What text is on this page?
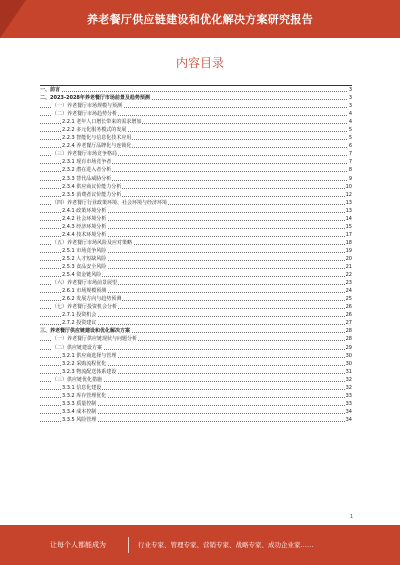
养老餐厅供应链建设和优化解决方案研究报告
内容目录
一、前言	3
二、2023-2028年养老餐厅市场前景及趋势预测	3
（一）养老餐厅市场规模与预测	3
（二）养老餐厅市场趋势分析	4
2.2.1 老年人口增长带来的需求增加	4
2.2.2 多元化服务模式的发展	5
2.2.3 智能化与信息化技术应用	5
2.2.4 养老餐厅品牌化与连锁化	6
（三）养老餐厅市场竞争格局	7
2.3.1 现有市场竞争者	7
2.3.2 潜在进入者分析	8
2.3.3 替代品威胁分析	9
2.3.4 供应商议价能力分析	10
2.3.5 消费者议价能力分析	12
（四）养老餐厅行业政策环境、社会环境与经济环境	13
2.4.1 政策环境分析	13
2.4.2 社会环境分析	14
2.4.3 经济环境分析	15
2.4.4 技术环境分析	17
（五）养老餐厅市场风险及应对策略	18
2.5.1 市场竞争风险	19
2.5.2 人才短缺风险	20
2.5.3 食品安全风险	21
2.5.4 资金链风险	22
（六）养老餐厅市场前景展望	23
2.6.1 市场规模预测	24
2.6.2 发展方向与趋势预测	25
（七）养老餐厅投资机会分析	26
2.7.1 投资机会	26
2.7.2 投资建议	27
三、养老餐厅供应链建设和优化解决方案	28
（一）养老餐厅供应链现状与问题分析	28
（二）供应链建设方案	29
3.2.1 供应商选择与管理	30
3.2.2 采购流程优化	30
3.2.3 物流配送体系建设	31
（三）供应链优化措施	32
3.3.1 信息化建设	32
3.3.2 库存管理优化	33
3.3.3 质量控制	33
3.3.4 成本控制	34
3.3.5 风险管理	34
1
让每个人都能成为	行业专家、管理专家、营销专家、战略专家、成功企业家……
